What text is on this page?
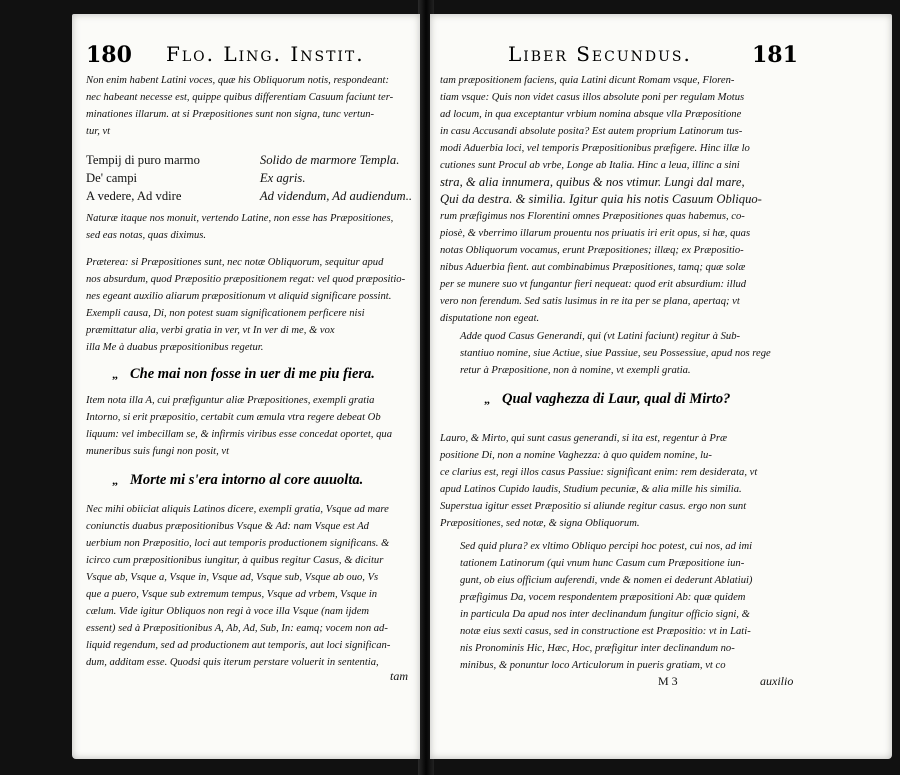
180 Flo. Ling. Instit.
Non enim habent Latini voces, quæ his Obliquorum notis, respondeant:
nec habeant necesse est, quippe quibus differentiam Casuum faciunt ter-
minationes illarum. at si Præpositiones sunt non signa, tunc vertun-
tur, vt
Tempij di puro marmo
De' campi
A vedere, Ad vdire
Solido de marmore Templa.
Ex agris.
Ad videndum, Ad audiendum..
Naturæ itaque nos monuit, vertendo Latine, non esse has Præpositiones,
sed eas notas, quas diximus.
Præterea: si Præpositiones sunt, nec notæ Obliquorum, sequitur apud
nos absurdum, quod Præpositio præpositionem regat: vel quod præpositio-
nes egeant auxilio aliarum præpositionum vt aliquid significare possint.
Exempli causa, Di, non potest suam significationem perficere nisi
præmittatur alia, verbi gratia in ver, vt In ver di me, & vox
illa Me à duabus præpositionibus regetur.
„ Che mai non fosse in uer di me piu fiera.
Item nota illa A, cui præfiguntur aliæ Præpositiones, exempli gratia
Intorno, si erit præpositio, certabit cum æmula vtra regere debeat Ob
liquum: vel imbecillam se, & infirmis viribus esse concedat oportet, qua
muneribus suis fungi non posit, vt
„ Morte mi s'era intorno al core auuolta.
Nec mihi obiiciat aliquis Latinos dicere, exempli gratia, Vsque ad mare
coniunctis duabus præpositionibus Vsque & Ad: nam Vsque est Ad
uerbium non Præpositio, loci aut temporis productionem significans. &
icirco cum præpositionibus iungitur, à quibus regitur Casus, & dicitur
Vsque ab, Vsque a, Vsque in, Vsque ad, Vsque sub, Vsque ab ouo, Vs
que a puero, Vsque sub extremum tempus, Vsque ad vrbem, Vsque in
cælum. Vide igitur Obliquos non regi à voce illa Vsque (nam ijdem
essent) sed à Præpositionibus A, Ab, Ad, Sub, In: eamq; vocem non ad-
liquid regendum, sed ad productionem aut temporis, aut loci significan-
dum, additam esse. Quodsi quis iterum perstare voluerit in sententia,
tam
Liber Secundus.	181
tam præpositionem faciens, quia Latini dicunt Romam vsque, Floren-
tiam vsque: Quis non videt casus illos absolute poni per regulam Motus
ad locum, in qua exceptantur vrbium nomina absque vlla Præpositione
in casu Accusandi absolute posita? Est autem proprium Latinorum tus-
modi Aduerbia loci, vel temporis Præpositionibus præfigere. Hinc illæ lo
cutiones sunt Procul ab vrbe, Longe ab Italia. Hinc a leua, illinc a sini
stra, & alia innumera, quibus & nos vtimur. Lungi dal mare,
Qui da destra. & similia. Igitur quia his notis Casuum Obliquo-
rum præfigimus nos Florentini omnes Præpositiones quas habemus, co-
piosè, & vberrimo illarum prouentu nos priuatis iri erit opus, si hæ, quas
notas Obliquorum vocamus, erunt Præpositiones; illæq; ex Præpositio-
nibus Aduerbia fient. aut combinabimus Præpositiones, tamq; quæ solæ
per se munere suo vt fungantur fieri nequeat: quod erit absurdium: illud
vero non ferendum. Sed satis lusimus in re ita per se plana, apertaq; vt
disputatione non egeat.
Adde quod Casus Generandi, qui (vt Latini faciunt) regitur à Sub-
stantiuo nomine, siue Actiue, siue Passiue, seu Possessiue, apud nos rege
retur à Præpositione, non à nomine, vt exempli gratia.
„ Qual vaghezza di Laur, qual di Mirto?
Lauro, & Mirto, qui sunt casus generandi, si ita est, regentur à Præ
positione Di, non a nomine Vaghezza: à quo quidem nomine, lu-
ce clarius est, regi illos casus Passiue: significant enim: rem desiderata, vt
apud Latinos Cupido laudis, Studium pecuniæ, & alia mille his similia.
Superstua igitur esset Præpositio si aliunde regitur casus. ergo non sunt
Præpositiones, sed notæ, & signa Obliquorum.
Sed quid plura? ex vltimo Obliquo percipi hoc potest, cui nos, ad imi
tationem Latinorum (qui vnum hunc Casum cum Præpositione iun-
gunt, ob eius officium auferendi, vnde & nomen ei dederunt Ablatiui)
præfigimus Da, vocem respondentem præpositioni Ab: quæ quidem
in particula Da apud nos inter declinandum fungitur officio signi, &
notæ eius sexti casus, sed in constructione est Præpositio: vt in Lati-
nis Pronominis Hic, Hæc, Hoc, præfigitur inter declinandum no-
minibus, & ponuntur loco Articulorum in pueris gratiam, vt co
M 3	auxilio
